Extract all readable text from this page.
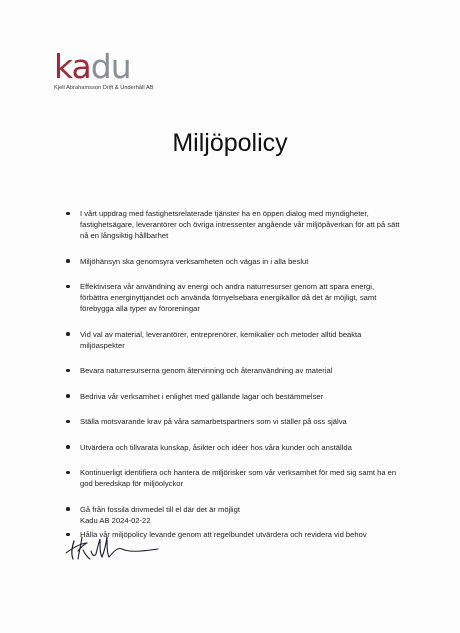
kadu
Kjell Abrahamsson Drift & Underhåll AB
Miljöpolicy
I vårt uppdrag med fastighetsrelaterade tjänster ha en öppen dialog med myndigheter, fastighetsägare, leverantörer och övriga intressenter angående vår miljöpåverkan för att på sätt nå en långsiktig hållbarhet
Miljöhänsyn ska genomsyra verksamheten och vägas in i alla beslut
Effektivisera vår användning av energi och andra naturresurser genom att spara energi, förbättra energinyttjandet och använda förnyelsebara energikällor då det är möjligt, samt förebygga alla typer av föroreningar
Vid val av material, leverantörer, entreprenörer, kemikalier och metoder alltid beakta miljöaspekter
Bevara naturresurserna genom återvinning och återanvändning av material
Bedriva vår verksamhet i enlighet med gällande lagar och bestämmelser
Ställa motsvarande krav på våra samarbetspartners som vi ställer på oss själva
Utvärdera och tillvarata kunskap, åsikter och idéer hos våra kunder och anställda
Kontinuerligt identifiera och hantera de miljörisker som vår verksamhet för med sig samt ha en god beredskap för miljöolyckor
Gå från fossila drivmedel till el där det är möjligt
Hålla vår miljöpolicy levande genom att regelbundet utvärdera och revidera vid behov
Kadu AB 2024-02-22
